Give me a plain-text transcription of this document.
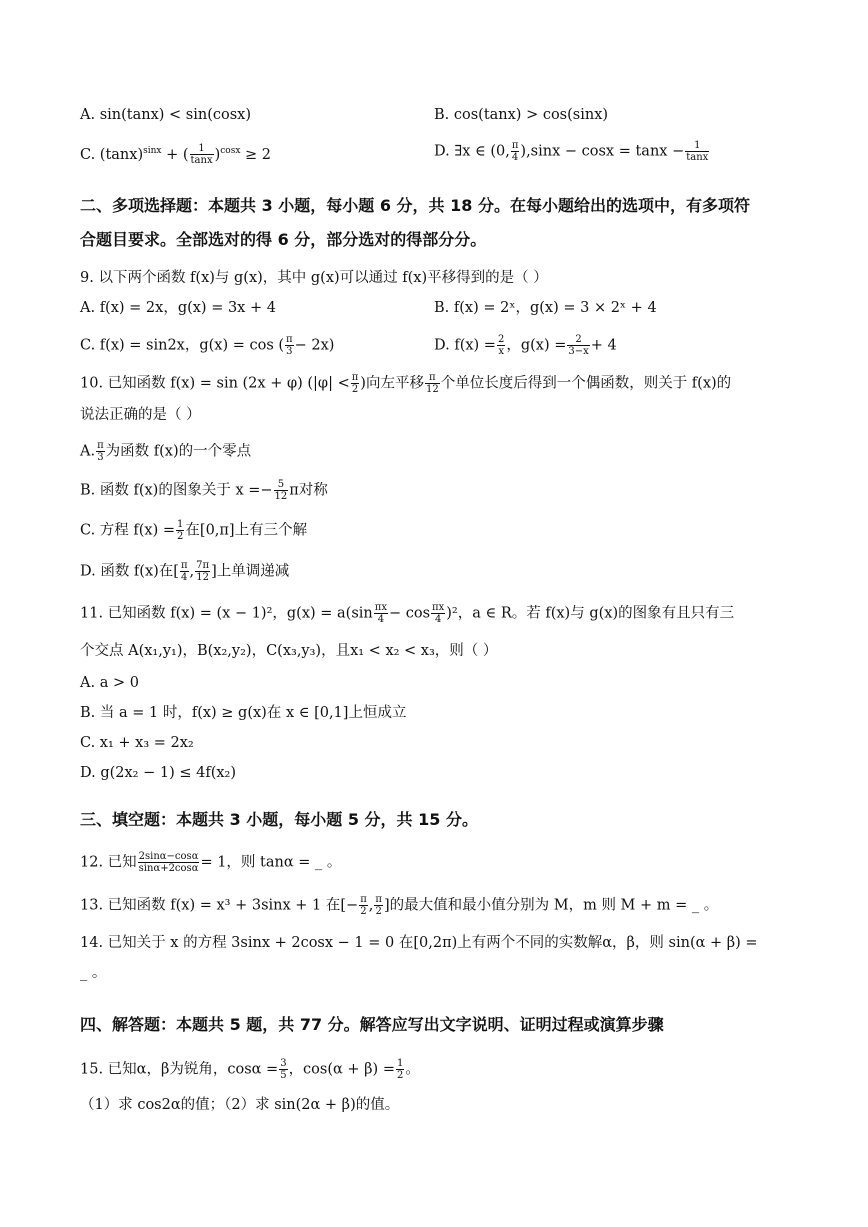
A. sin(tanx) < sin(cosx)	B. cos(tanx) > cos(sinx)
C. $(\tan x)^{sinx}$ + ( $\frac{1}{\tan x} )^{cosx} \ge 2$	D. ∃x ∈ (0, $\frac{\pi}{4} ),\sin x - \cos x = \tan x - \frac{1}{\tan x}$
二、多项选择题：本题共 3 小题，每小题 6 分，共 18 分。在每小题给出的选项中，有多项符
合题目要求。全部选对的得 6 分，部分选对的得部分分。
9. 以下两个函数 f(x)与 g(x)，其中 g(x)可以通过 f(x)平移得到的是（ ）
A. f(x) = 2x，g(x) = 3x + 4	B. f(x) = 2ˣ，g(x) = 3 × 2ˣ + 4
C. f(x) = sin2x，g(x) = cos ( $\frac{\pi}{3} - 2x$)	D. $f(x) = \frac{2}{x}$ ，$g(x) = \frac{2}{3-x} + 4$
10. 已知函数 f(x) = sin (2x + φ) ($|\varphi| < \frac{\pi}{2}$ )向左平移 $\frac{\pi}{12}$ 个单位长度后得到一个偶函数，则关于 f(x)的
说法正确的是（ ）
A. $\frac{\pi}{3}$ 为函数 f(x)的一个零点
B. 函数 f(x)的图象关于 $x =- \frac{5}{12}$ π对称
C. 方程 $f(x) = \frac{1}{2}$ 在[0,π]上有三个解
D. 函数 f(x)在[ $\frac{\pi}{4}$ , $\frac{7\pi}{12}$ ]上单调递减
11. 已知函数 f(x) = (x − 1)²，$g(x) = a(\sin \frac{\pi x}{4} - \cos \frac{\pi x}{4} )^2$，a ∈ R。若 f(x)与 g(x)的图象有且只有三
个交点 A(x₁,y₁)，B(x₂,y₂)，C(x₃,y₃)，且x₁ < x₂ < x₃，则（ ）
A. a > 0
B. 当 a = 1 时，f(x) ≥ g(x)在 x ∈ [0,1]上恒成立
C. x₁ + x₃ = 2x₂
D. g(2x₂ − 1) ≤ 4f(x₂)
三、填空题：本题共 3 小题，每小题 5 分，共 15 分。
12. 已知 $\frac{2\sin\alpha-\cos\alpha}{\sin\alpha+2\cos\alpha} = 1$，则 tanα = _ 。
13. 已知函数 f(x) = x³ + 3sinx + 1 在[− $\frac{\pi}{2}$ , $\frac{\pi}{2}$ ]的最大值和最小值分别为 M，m 则 M + m = _ 。
14. 已知关于 x 的方程 3sinx + 2cosx − 1 = 0 在[0,2π)上有两个不同的实数解α，β，则 sin(α + β) =
_ 。
四、解答题：本题共 5 题，共 77 分。解答应写出文字说明、证明过程或演算步骤
15. 已知α，β为锐角，$\cos\alpha = \frac{3}{5}$ ，$\cos(\alpha + \beta) = \frac{1}{2}$ 。
（1）求 cos2α的值；（2）求 sin(2α + β)的值。
